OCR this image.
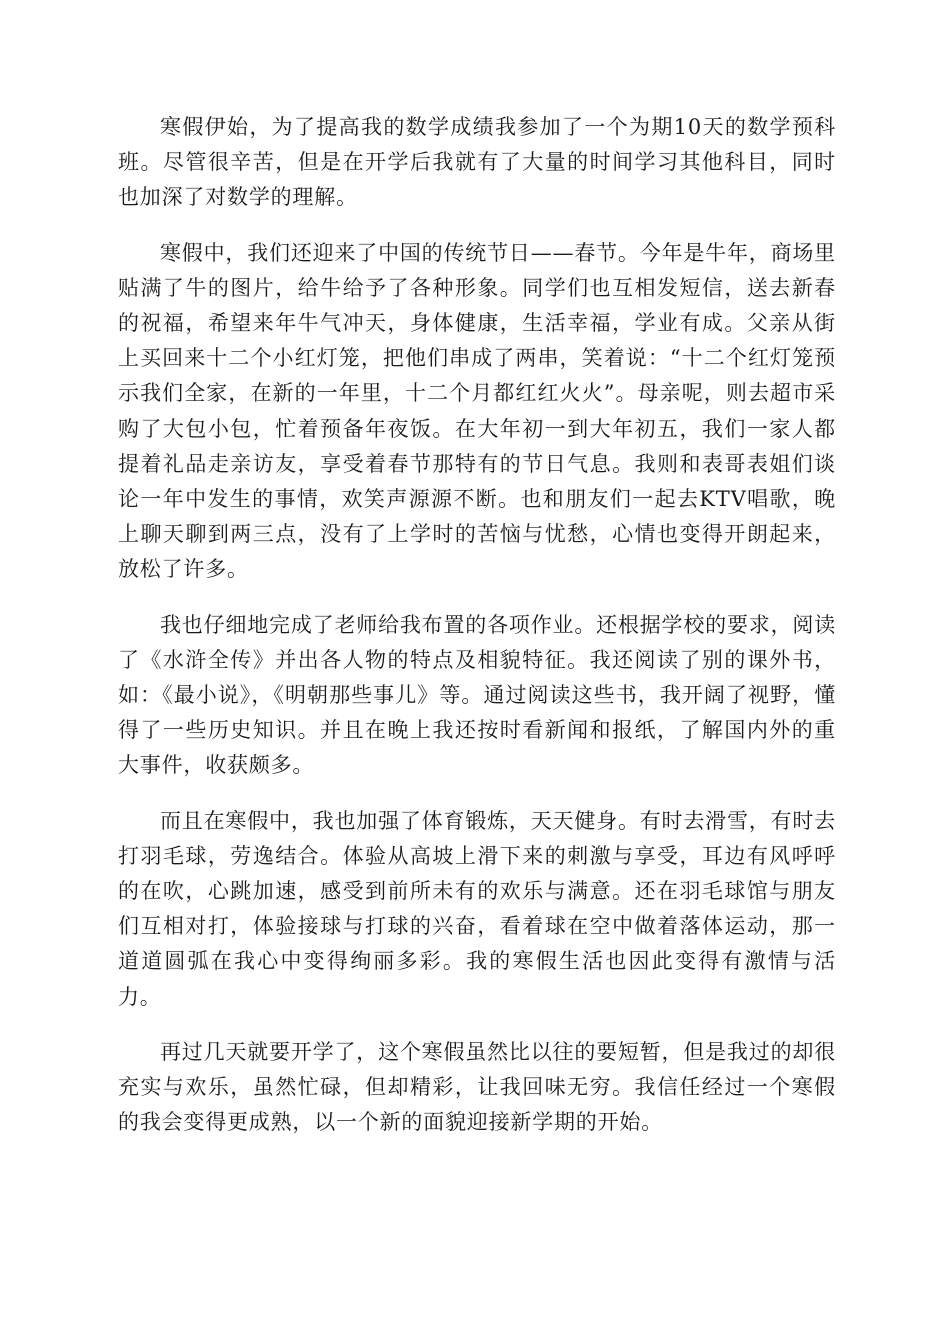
寒假伊始，为了提高我的数学成绩我参加了一个为期10天的数学预科班。尽管很辛苦，但是在开学后我就有了大量的时间学习其他科目，同时也加深了对数学的理解。

寒假中，我们还迎来了中国的传统节日——春节。今年是牛年，商场里贴满了牛的图片，给牛给予了各种形象。同学们也互相发短信，送去新春的祝福，希望来年牛气冲天，身体健康，生活幸福，学业有成。父亲从街上买回来十二个小红灯笼，把他们串成了两串，笑着说：“十二个红灯笼预示我们全家，在新的一年里，十二个月都红红火火”。母亲呢，则去超市采购了大包小包，忙着预备年夜饭。在大年初一到大年初五，我们一家人都提着礼品走亲访友，享受着春节那特有的节日气息。我则和表哥表姐们谈论一年中发生的事情，欢笑声源源不断。也和朋友们一起去KTV唱歌，晚上聊天聊到两三点，没有了上学时的苦恼与忧愁，心情也变得开朗起来，放松了许多。

我也仔细地完成了老师给我布置的各项作业。还根据学校的要求，阅读了《水浒全传》并出各人物的特点及相貌特征。我还阅读了别的课外书，如：《最小说》，《明朝那些事儿》等。通过阅读这些书，我开阔了视野，懂得了一些历史知识。并且在晚上我还按时看新闻和报纸，了解国内外的重大事件，收获颇多。

而且在寒假中，我也加强了体育锻炼，天天健身。有时去滑雪，有时去打羽毛球，劳逸结合。体验从高坡上滑下来的刺激与享受，耳边有风呼呼的在吹，心跳加速，感受到前所未有的欢乐与满意。还在羽毛球馆与朋友们互相对打，体验接球与打球的兴奋，看着球在空中做着落体运动，那一道道圆弧在我心中变得绚丽多彩。我的寒假生活也因此变得有激情与活力。

再过几天就要开学了，这个寒假虽然比以往的要短暂，但是我过的却很充实与欢乐，虽然忙碌，但却精彩，让我回味无穷。我信任经过一个寒假的我会变得更成熟，以一个新的面貌迎接新学期的开始。
